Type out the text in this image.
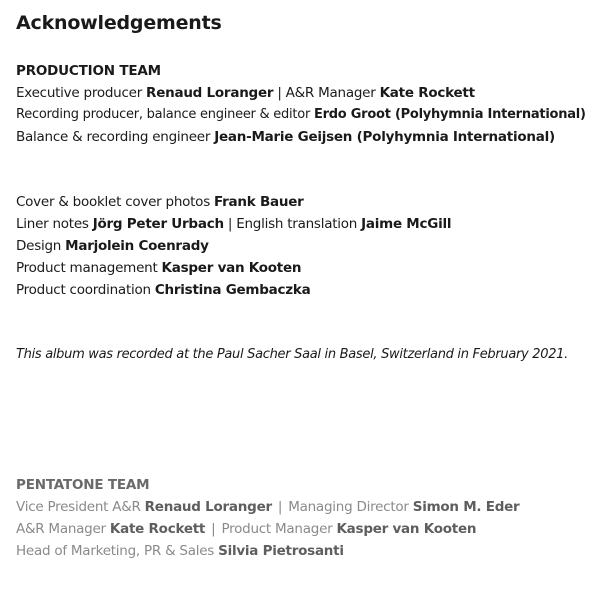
Acknowledgements
PRODUCTION TEAM
Executive producer Renaud Loranger | A&R Manager Kate Rockett
Recording producer, balance engineer & editor Erdo Groot (Polyhymnia International)
Balance & recording engineer Jean-Marie Geijsen (Polyhymnia International)
Cover & booklet cover photos Frank Bauer
Liner notes Jörg Peter Urbach | English translation Jaime McGill
Design Marjolein Coenrady
Product management Kasper van Kooten
Product coordination Christina Gembaczka
This album was recorded at the Paul Sacher Saal in Basel, Switzerland in February 2021.
PENTATONE TEAM
Vice President A&R Renaud Loranger | Managing Director Simon M. Eder
A&R Manager Kate Rockett | Product Manager Kasper van Kooten
Head of Marketing, PR & Sales Silvia Pietrosanti
